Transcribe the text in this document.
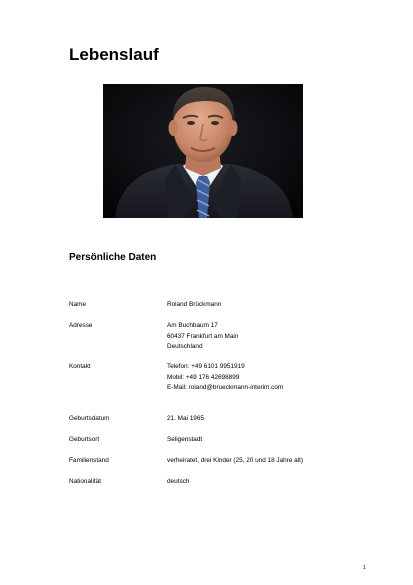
Lebenslauf
Persönliche Daten
Name	Roland Brückmann
Adresse	Am Buchbaum 17
60437 Frankfurt am Main
Deutschland
Kontakt	Telefon: +49 6101 9951919
Mobil: +49 176 42698899
E-Mail: roland@brueckmann-interim.com
Geburtsdatum	21. Mai 1965
Geburtsort	Seligenstadt
Familienstand	verheiratet, drei Kinder (25, 20 und 18 Jahre alt)
Nationalität	deutsch
1
